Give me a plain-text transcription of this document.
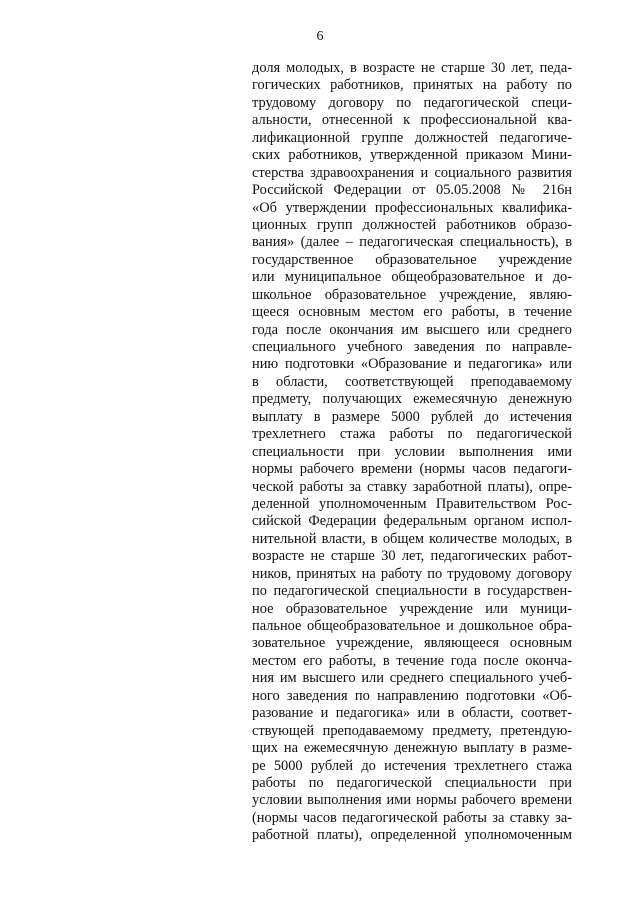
6
доля молодых, в возрасте не старше 30 лет, педа-
гогических работников, принятых на работу по
трудовому договору по педагогической специ-
альности, отнесенной к профессиональной ква-
лификационной группе должностей педагогиче-
ских работников, утвержденной приказом Мини-
стерства здравоохранения и социального развития
Российской Федерации от 05.05.2008 № 216н
«Об утверждении профессиональных квалифика-
ционных групп должностей работников образо-
вания» (далее – педагогическая специальность), в
государственное образовательное учреждение
или муниципальное общеобразовательное и до-
школьное образовательное учреждение, являю-
щееся основным местом его работы, в течение
года после окончания им высшего или среднего
специального учебного заведения по направле-
нию подготовки «Образование и педагогика» или
в области, соответствующей преподаваемому
предмету, получающих ежемесячную денежную
выплату в размере 5000 рублей до истечения
трехлетнего стажа работы по педагогической
специальности при условии выполнения ими
нормы рабочего времени (нормы часов педагоги-
ческой работы за ставку заработной платы), опре-
деленной уполномоченным Правительством Рос-
сийской Федерации федеральным органом испол-
нительной власти, в общем количестве молодых, в
возрасте не старше 30 лет, педагогических работ-
ников, принятых на работу по трудовому договору
по педагогической специальности в государствен-
ное образовательное учреждение или муници-
пальное общеобразовательное и дошкольное обра-
зовательное учреждение, являющееся основным
местом его работы, в течение года после оконча-
ния им высшего или среднего специального учеб-
ного заведения по направлению подготовки «Об-
разование и педагогика» или в области, соответ-
ствующей преподаваемому предмету, претендую-
щих на ежемесячную денежную выплату в разме-
ре 5000 рублей до истечения трехлетнего стажа
работы по педагогической специальности при
условии выполнения ими нормы рабочего времени
(нормы часов педагогической работы за ставку за-
работной платы), определенной уполномоченным
